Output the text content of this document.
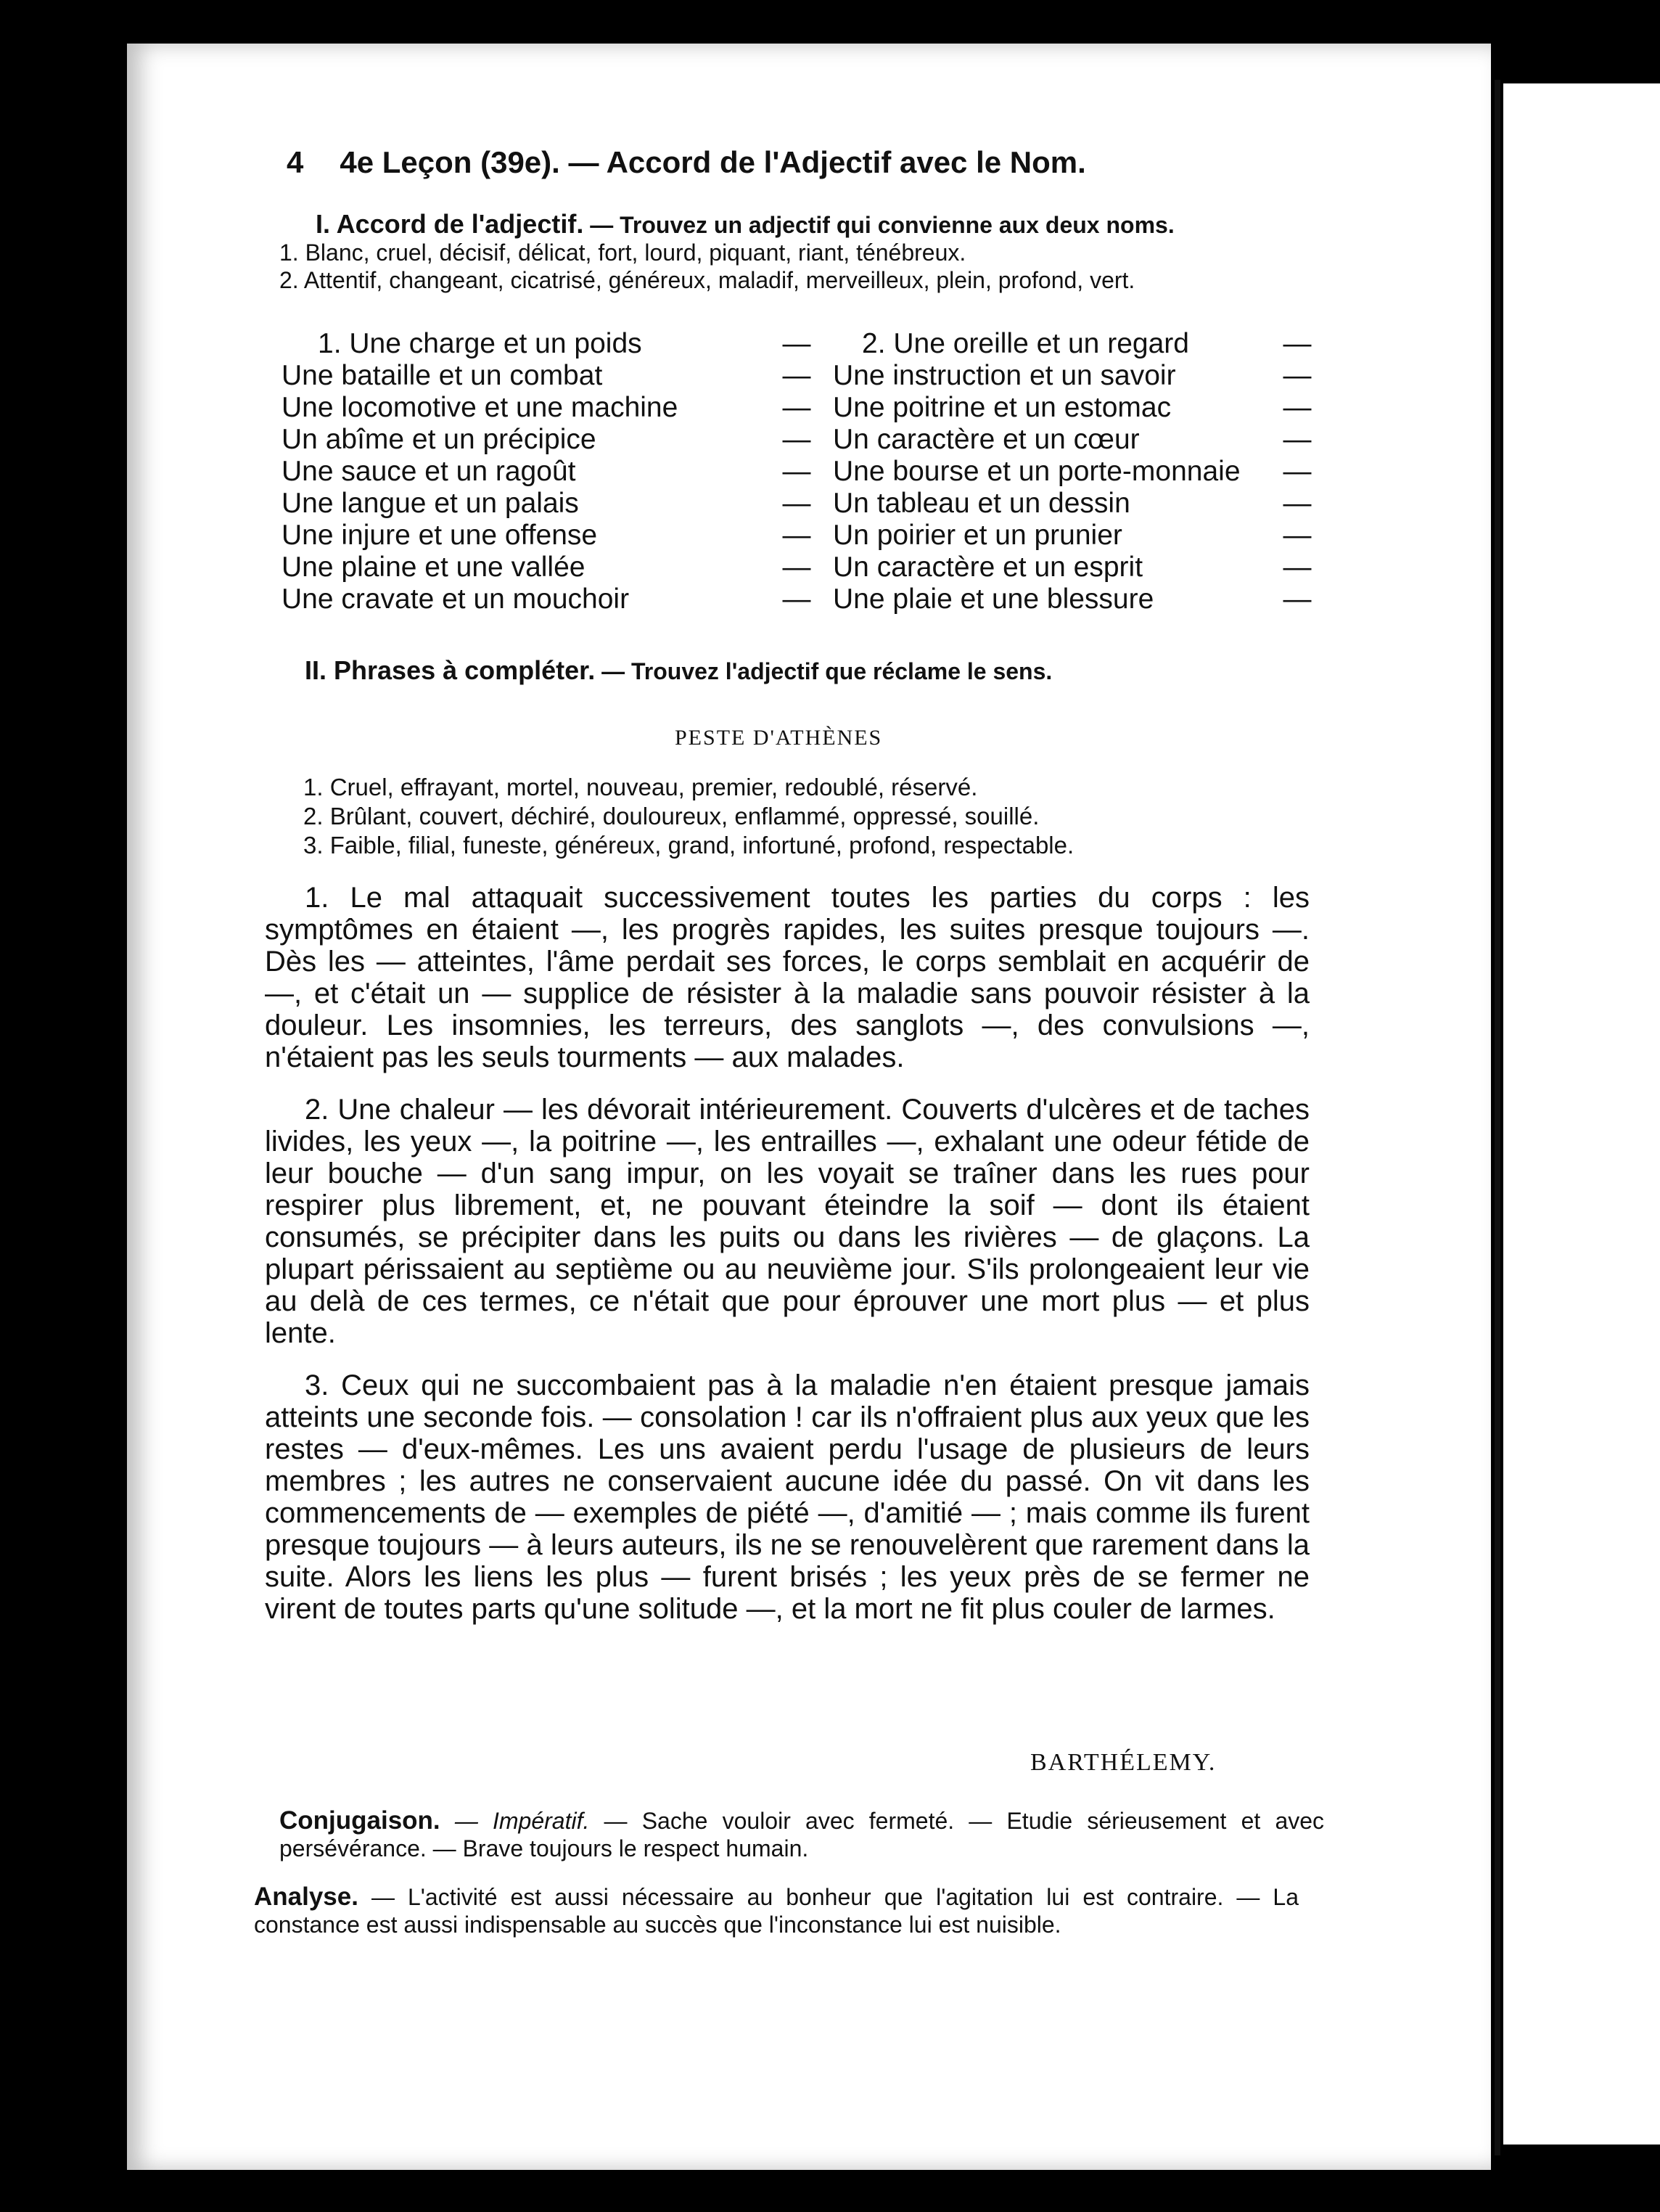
4 4e Leçon (39e). — Accord de l'Adjectif avec le Nom.
I. Accord de l'adjectif. — Trouvez un adjectif qui convienne aux deux noms.
1. Blanc, cruel, décisif, délicat, fort, lourd, piquant, riant, ténébreux.
2. Attentif, changeant, cicatrisé, généreux, maladif, merveilleux, plein, profond, vert.
1. Une charge et un poids
Une bataille et un combat
Une locomotive et une machine
Un abîme et un précipice
Une sauce et un ragoût
Une langue et un palais
Une injure et une offense
Une plaine et une vallée
Une cravate et un mouchoir
—
—
—
—
—
—
—
—
—
2. Une oreille et un regard
Une instruction et un savoir
Une poitrine et un estomac
Un caractère et un cœur
Une bourse et un porte-monnaie
Un tableau et un dessin
Un poirier et un prunier
Un caractère et un esprit
Une plaie et une blessure
—
—
—
—
—
—
—
—
—
II. Phrases à compléter. — Trouvez l'adjectif que réclame le sens.
PESTE D'ATHÈNES
1. Cruel, effrayant, mortel, nouveau, premier, redoublé, réservé.
2. Brûlant, couvert, déchiré, douloureux, enflammé, oppressé, souillé.
3. Faible, filial, funeste, généreux, grand, infortuné, profond, respectable.

1. Le mal attaquait successivement toutes les parties du corps : les symptômes en étaient —, les progrès rapides, les suites presque toujours —. Dès les — atteintes, l'âme perdait ses forces, le corps semblait en acquérir de —, et c'était un — supplice de résister à la maladie sans pouvoir résister à la douleur. Les insomnies, les terreurs, des sanglots —, des convulsions —, n'étaient pas les seuls tourments — aux malades.

2. Une chaleur — les dévorait intérieurement. Couverts d'ulcères et de taches livides, les yeux —, la poitrine —, les entrailles —, exhalant une odeur fétide de leur bouche — d'un sang impur, on les voyait se traîner dans les rues pour respirer plus librement, et, ne pouvant éteindre la soif — dont ils étaient consumés, se précipiter dans les puits ou dans les rivières — de glaçons. La plupart périssaient au septième ou au neuvième jour. S'ils prolongeaient leur vie au delà de ces termes, ce n'était que pour éprouver une mort plus — et plus lente.

3. Ceux qui ne succombaient pas à la maladie n'en étaient presque jamais atteints une seconde fois. — consolation ! car ils n'offraient plus aux yeux que les restes — d'eux-mêmes. Les uns avaient perdu l'usage de plusieurs de leurs membres ; les autres ne conservaient aucune idée du passé. On vit dans les commencements de — exemples de piété —, d'amitié — ; mais comme ils furent presque toujours — à leurs auteurs, ils ne se renouvelèrent que rarement dans la suite. Alors les liens les plus — furent brisés ; les yeux près de se fermer ne virent de toutes parts qu'une solitude —, et la mort ne fit plus couler de larmes.

BARTHÉLEMY.
Conjugaison. — Impératif. — Sache vouloir avec fermeté. — Etudie sérieusement et avec persévérance. — Brave toujours le respect humain.
Analyse. — L'activité est aussi nécessaire au bonheur que l'agitation lui est contraire. — La constance est aussi indispensable au succès que l'inconstance lui est nuisible.
